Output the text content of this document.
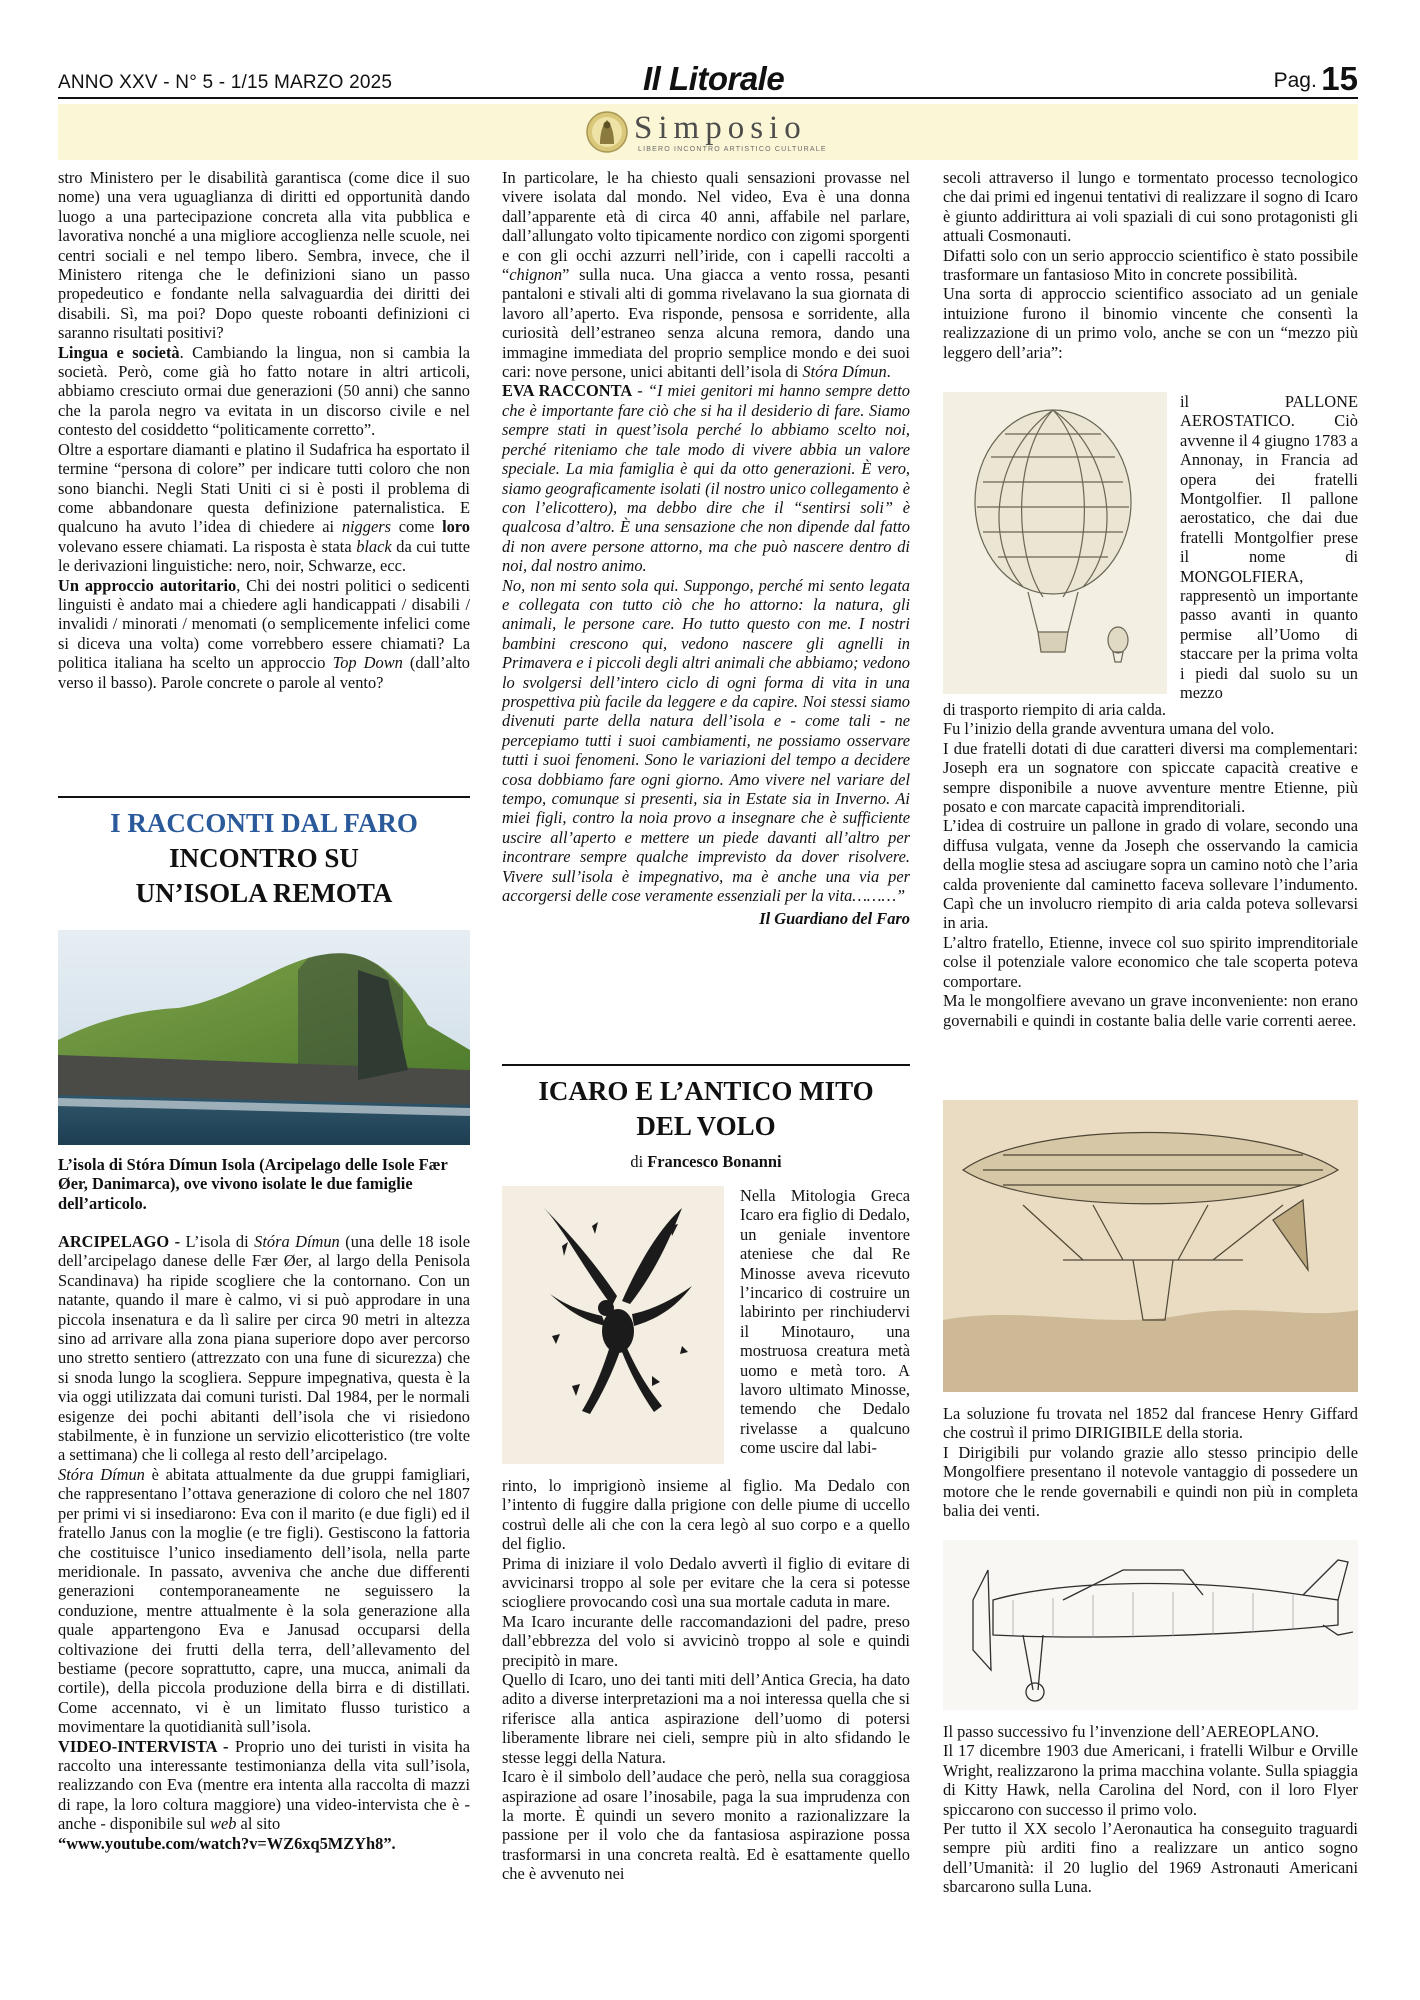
ANNO XXV - N° 5 - 1/15 MARZO 2025	Il Litorale	Pag. 15
Simposio
LIBERO INCONTRO ARTISTICO CULTURALE

stro Ministero per le disabilità garantisca (come dice il suo nome) una vera uguaglianza di diritti ed opportunità dando luogo a una partecipazione concreta alla vita pubblica e lavorativa nonché a una migliore accoglienza nelle scuole, nei centri sociali e nel tempo libero. Sembra, invece, che il Ministero ritenga che le definizioni siano un passo propedeutico e fondante nella salvaguardia dei diritti dei disabili. Sì, ma poi? Dopo queste roboanti definizioni ci saranno risultati positivi?

Lingua e società. Cambiando la lingua, non si cambia la società. Però, come già ho fatto notare in altri articoli, abbiamo cresciuto ormai due generazioni (50 anni) che sanno che la parola negro va evitata in un discorso civile e nel contesto del cosiddetto “politicamente corretto”.

Oltre a esportare diamanti e platino il Sudafrica ha esportato il termine “persona di colore” per indicare tutti coloro che non sono bianchi. Negli Stati Uniti ci si è posti il problema di come abbandonare questa definizione paternalistica. E qualcuno ha avuto l’idea di chiedere ai niggers come loro volevano essere chiamati. La risposta è stata black da cui tutte le derivazioni linguistiche: nero, noir, Schwarze, ecc.

Un approccio autoritario, Chi dei nostri politici o sedicenti linguisti è andato mai a chiedere agli handicappati / disabili / invalidi / minorati / menomati (o semplicemente infelici come si diceva una volta) come vorrebbero essere chiamati? La politica italiana ha scelto un approccio Top Down (dall’alto verso il basso). Parole concrete o parole al vento?

I RACCONTI DAL FARO
INCONTRO SU
UN’ISOLA REMOTA
L’isola di Stóra Dímun Isola (Arcipelago delle Isole Fær Øer, Danimarca), ove vivono isolate le due famiglie dell’articolo.

ARCIPELAGO - L’isola di Stóra Dímun (una delle 18 isole dell’arcipelago danese delle Fær Øer, al largo della Penisola Scandinava) ha ripide scogliere che la contornano. Con un natante, quando il mare è calmo, vi si può approdare in una piccola insenatura e da lì salire per circa 90 metri in altezza sino ad arrivare alla zona piana superiore dopo aver percorso uno stretto sentiero (attrezzato con una fune di sicurezza) che si snoda lungo la scogliera. Seppure impegnativa, questa è la via oggi utilizzata dai comuni turisti. Dal 1984, per le normali esigenze dei pochi abitanti dell’isola che vi risiedono stabilmente, è in funzione un servizio elicotteristico (tre volte a settimana) che li collega al resto dell’arcipelago.

Stóra Dímun è abitata attualmente da due gruppi famigliari, che rappresentano l’ottava generazione di coloro che nel 1807 per primi vi si insediarono: Eva con il marito (e due figli) ed il fratello Janus con la moglie (e tre figli). Gestiscono la fattoria che costituisce l’unico insediamento dell’isola, nella parte meridionale. In passato, avveniva che anche due differenti generazioni contemporaneamente ne seguissero la conduzione, mentre attualmente è la sola generazione alla quale appartengono Eva e Janusad occuparsi della coltivazione dei frutti della terra, dell’allevamento del bestiame (pecore soprattutto, capre, una mucca, animali da cortile), della piccola produzione della birra e di distillati. Come accennato, vi è un limitato flusso turistico a movimentare la quotidianità sull’isola.

VIDEO-INTERVISTA - Proprio uno dei turisti in visita ha raccolto una interessante testimonianza della vita sull’isola, realizzando con Eva (mentre era intenta alla raccolta di mazzi di rape, la loro coltura maggiore) una video-intervista che è - anche - disponibile sul web al sito

“www.youtube.com/watch?v=WZ6xq5MZYh8”.

In particolare, le ha chiesto quali sensazioni provasse nel vivere isolata dal mondo. Nel video, Eva è una donna dall’apparente età di circa 40 anni, affabile nel parlare, dall’allungato volto tipicamente nordico con zigomi sporgenti e con gli occhi azzurri nell’iride, con i capelli raccolti a “chignon” sulla nuca. Una giacca a vento rossa, pesanti pantaloni e stivali alti di gomma rivelavano la sua giornata di lavoro all’aperto. Eva risponde, pensosa e sorridente, alla curiosità dell’estraneo senza alcuna remora, dando una immagine immediata del proprio semplice mondo e dei suoi cari: nove persone, unici abitanti dell’isola di Stóra Dímun.

EVA RACCONTA - “I miei genitori mi hanno sempre detto che è importante fare ciò che si ha il desiderio di fare. Siamo sempre stati in quest’isola perché lo abbiamo scelto noi, perché riteniamo che tale modo di vivere abbia un valore speciale. La mia famiglia è qui da otto generazioni. È vero, siamo geograficamente isolati (il nostro unico collegamento è con l’elicottero), ma debbo dire che il “sentirsi soli” è qualcosa d’altro. È una sensazione che non dipende dal fatto di non avere persone attorno, ma che può nascere dentro di noi, dal nostro animo.

No, non mi sento sola qui. Suppongo, perché mi sento legata e collegata con tutto ciò che ho attorno: la natura, gli animali, le persone care. Ho tutto questo con me. I nostri bambini crescono qui, vedono nascere gli agnelli in Primavera e i piccoli degli altri animali che abbiamo; vedono lo svolgersi dell’intero ciclo di ogni forma di vita in una prospettiva più facile da leggere e da capire. Noi stessi siamo divenuti parte della natura dell’isola e - come tali - ne percepiamo tutti i suoi cambiamenti, ne possiamo osservare tutti i suoi fenomeni. Sono le variazioni del tempo a decidere cosa dobbiamo fare ogni giorno. Amo vivere nel variare del tempo, comunque si presenti, sia in Estate sia in Inverno. Ai miei figli, contro la noia provo a insegnare che è sufficiente uscire all’aperto e mettere un piede davanti all’altro per incontrare sempre qualche imprevisto da dover risolvere. Vivere sull’isola è impegnativo, ma è anche una via per accorgersi delle cose veramente essenziali per la vita………”

Il Guardiano del Faro

ICARO E L’ANTICO MITO
DEL VOLO
di Francesco Bonanni

Nella Mitologia Greca Icaro era figlio di Dedalo, un geniale inventore ateniese che dal Re Minosse aveva ricevuto l’incarico di costruire un labirinto per rinchiudervi il Minotauro, una mostruosa creatura metà uomo e metà toro. A lavoro ultimato Minosse, temendo che Dedalo rivelasse a qualcuno come uscire dal labi-

rinto, lo imprigionò insieme al figlio. Ma Dedalo con l’intento di fuggire dalla prigione con delle piume di uccello costruì delle ali che con la cera legò al suo corpo e a quello del figlio.

Prima di iniziare il volo Dedalo avvertì il figlio di evitare di avvicinarsi troppo al sole per evitare che la cera si potesse sciogliere provocando così una sua mortale caduta in mare.

Ma Icaro incurante delle raccomandazioni del padre, preso dall’ebbrezza del volo si avvicinò troppo al sole e quindi precipitò in mare.

Quello di Icaro, uno dei tanti miti dell’Antica Grecia, ha dato adito a diverse interpretazioni ma a noi interessa quella che si riferisce alla antica aspirazione dell’uomo di potersi liberamente librare nei cieli, sempre più in alto sfidando le stesse leggi della Natura.

Icaro è il simbolo dell’audace che però, nella sua coraggiosa aspirazione ad osare l’inosabile, paga la sua imprudenza con la morte. È quindi un severo monito a razionalizzare la passione per il volo che da fantasiosa aspirazione possa trasformarsi in una concreta realtà. Ed è esattamente quello che è avvenuto nei

secoli attraverso il lungo e tormentato processo tecnologico che dai primi ed ingenui tentativi di realizzare il sogno di Icaro è giunto addirittura ai voli spaziali di cui sono protagonisti gli attuali Cosmonauti.

Difatti solo con un serio approccio scientifico è stato possibile trasformare un fantasioso Mito in concrete possibilità.

Una sorta di approccio scientifico associato ad un geniale intuizione furono il binomio vincente che consentì la realizzazione di un primo volo, anche se con un “mezzo più leggero dell’aria”:

il PALLONE AEROSTATICO. Ciò avvenne il 4 giugno 1783 a Annonay, in Francia ad opera dei fratelli Montgolfier. Il pallone aerostatico, che dai due fratelli Montgolfier prese il nome di MONGOLFIERA, rappresentò un importante passo avanti in quanto permise all’Uomo di staccare per la prima volta i piedi dal suolo su un mezzo

di trasporto riempito di aria calda.

Fu l’inizio della grande avventura umana del volo.

I due fratelli dotati di due caratteri diversi ma complementari: Joseph era un sognatore con spiccate capacità creative e sempre disponibile a nuove avventure mentre Etienne, più posato e con marcate capacità imprenditoriali.

L’idea di costruire un pallone in grado di volare, secondo una diffusa vulgata, venne da Joseph che osservando la camicia della moglie stesa ad asciugare sopra un camino notò che l’aria calda proveniente dal caminetto faceva sollevare l’indumento. Capì che un involucro riempito di aria calda poteva sollevarsi in aria.

L’altro fratello, Etienne, invece col suo spirito imprenditoriale colse il potenziale valore economico che tale scoperta poteva comportare.

Ma le mongolfiere avevano un grave inconveniente: non erano governabili e quindi in costante balia delle varie correnti aeree.

La soluzione fu trovata nel 1852 dal francese Henry Giffard che costruì il primo DIRIGIBILE della storia.

I Dirigibili pur volando grazie allo stesso principio delle Mongolfiere presentano il notevole vantaggio di possedere un motore che le rende governabili e quindi non più in completa balia dei venti.

Il passo successivo fu l’invenzione dell’AEREOPLANO.

Il 17 dicembre 1903 due Americani, i fratelli Wilbur e Orville Wright, realizzarono la prima macchina volante. Sulla spiaggia di Kitty Hawk, nella Carolina del Nord, con il loro Flyer spiccarono con successo il primo volo.

Per tutto il XX secolo l’Aeronautica ha conseguito traguardi sempre più arditi fino a realizzare un antico sogno dell’Umanità: il 20 luglio del 1969 Astronauti Americani sbarcarono sulla Luna.
